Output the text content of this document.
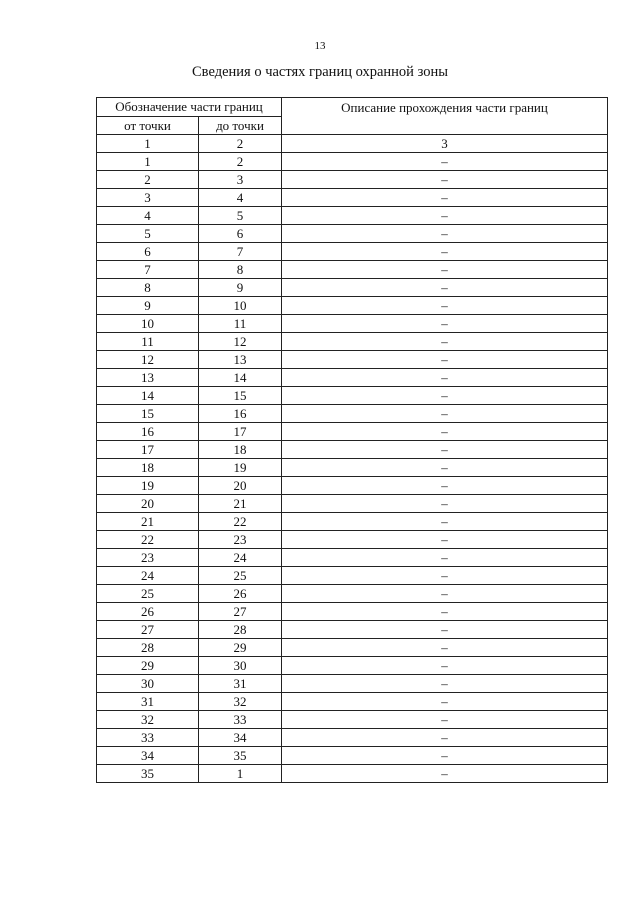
13
Сведения о частях границ охранной зоны
Обозначение части границ		Описание прохождения части границ
от точки	до точки	
1	2	3
1	2	–
2	3	–
3	4	–
4	5	–
5	6	–
6	7	–
7	8	–
8	9	–
9	10	–
10	11	–
11	12	–
12	13	–
13	14	–
14	15	–
15	16	–
16	17	–
17	18	–
18	19	–
19	20	–
20	21	–
21	22	–
22	23	–
23	24	–
24	25	–
25	26	–
26	27	–
27	28	–
28	29	–
29	30	–
30	31	–
31	32	–
32	33	–
33	34	–
34	35	–
35	1	–
